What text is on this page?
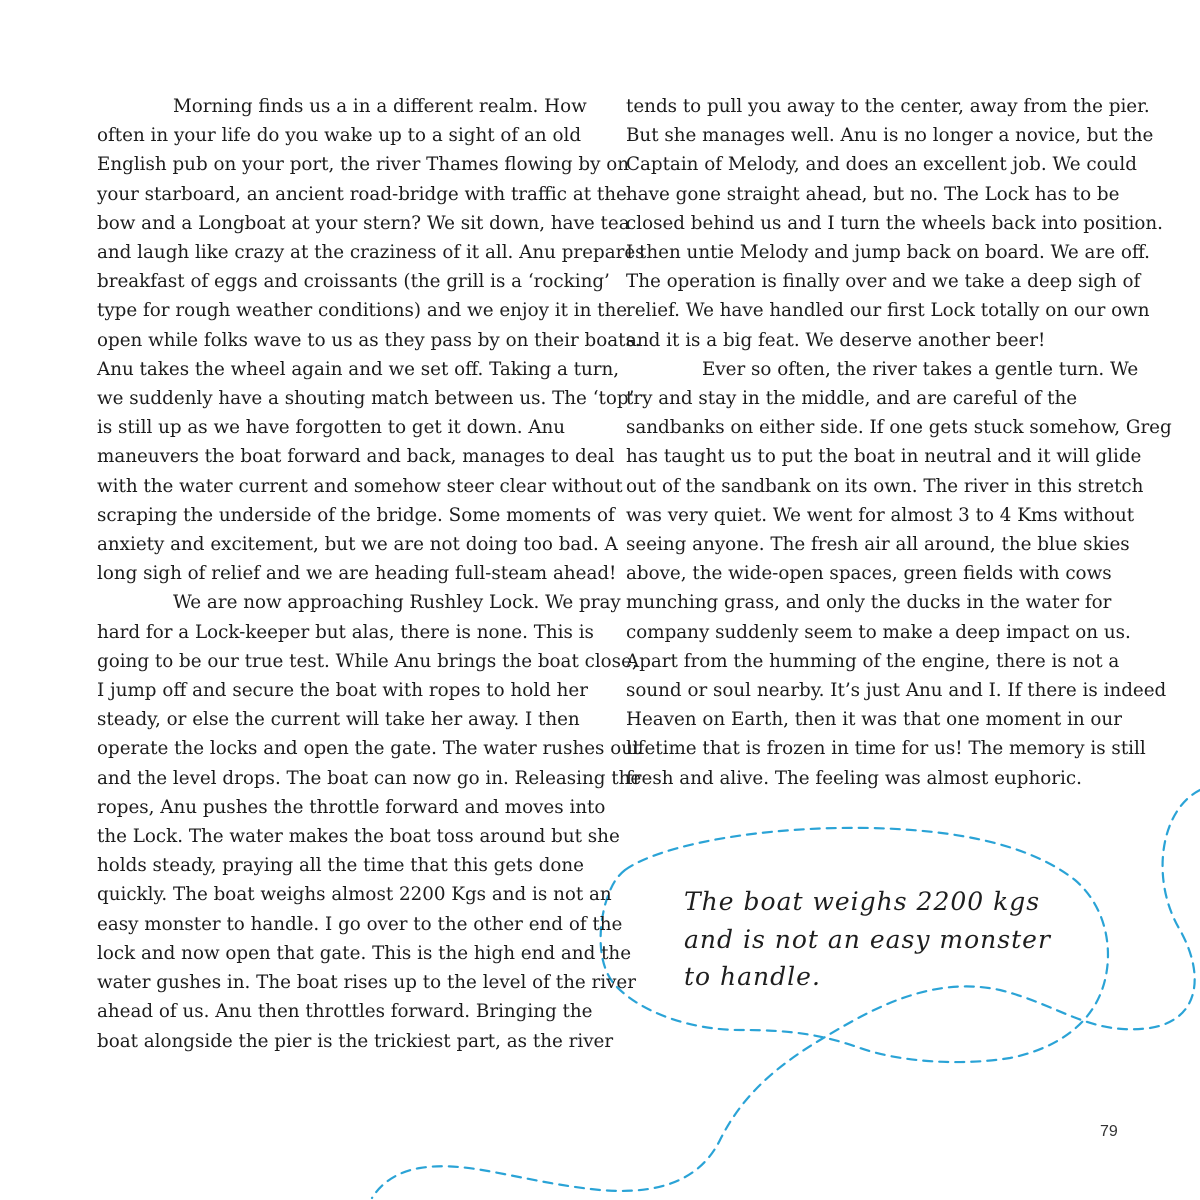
Morning finds us a in a different realm. How
often in your life do you wake up to a sight of an old
English pub on your port, the river Thames flowing by on
your starboard, an ancient road-bridge with traffic at the
bow and a Longboat at your stern? We sit down, have tea
and laugh like crazy at the craziness of it all. Anu prepares
breakfast of eggs and croissants (the grill is a ‘rocking’
type for rough weather conditions) and we enjoy it in the
open while folks wave to us as they pass by on their boats.
Anu takes the wheel again and we set off. Taking a turn,
we suddenly have a shouting match between us. The ‘top’
is still up as we have forgotten to get it down. Anu
maneuvers the boat forward and back, manages to deal
with the water current and somehow steer clear without
scraping the underside of the bridge. Some moments of
anxiety and excitement, but we are not doing too bad. A
long sigh of relief and we are heading full-steam ahead!
We are now approaching Rushley Lock. We pray
hard for a Lock-keeper but alas, there is none. This is
going to be our true test. While Anu brings the boat close,
I jump off and secure the boat with ropes to hold her
steady, or else the current will take her away. I then
operate the locks and open the gate. The water rushes out
and the level drops. The boat can now go in. Releasing the
ropes, Anu pushes the throttle forward and moves into
the Lock. The water makes the boat toss around but she
holds steady, praying all the time that this gets done
quickly. The boat weighs almost 2200 Kgs and is not an
easy monster to handle. I go over to the other end of the
lock and now open that gate. This is the high end and the
water gushes in. The boat rises up to the level of the river
ahead of us. Anu then throttles forward. Bringing the
boat alongside the pier is the trickiest part, as the river
tends to pull you away to the center, away from the pier.
But she manages well. Anu is no longer a novice, but the
Captain of Melody, and does an excellent job. We could
have gone straight ahead, but no. The Lock has to be
closed behind us and I turn the wheels back into position.
I then untie Melody and jump back on board. We are off.
The operation is finally over and we take a deep sigh of
relief. We have handled our first Lock totally on our own
and it is a big feat. We deserve another beer!
Ever so often, the river takes a gentle turn. We
try and stay in the middle, and are careful of the
sandbanks on either side. If one gets stuck somehow, Greg
has taught us to put the boat in neutral and it will glide
out of the sandbank on its own. The river in this stretch
was very quiet. We went for almost 3 to 4 Kms without
seeing anyone. The fresh air all around, the blue skies
above, the wide-open spaces, green fields with cows
munching grass, and only the ducks in the water for
company suddenly seem to make a deep impact on us.
Apart from the humming of the engine, there is not a
sound or soul nearby. It’s just Anu and I. If there is indeed
Heaven on Earth, then it was that one moment in our
lifetime that is frozen in time for us! The memory is still
fresh and alive. The feeling was almost euphoric.
The boat weighs 2200 kgs
and is not an easy monster
to handle.
79
